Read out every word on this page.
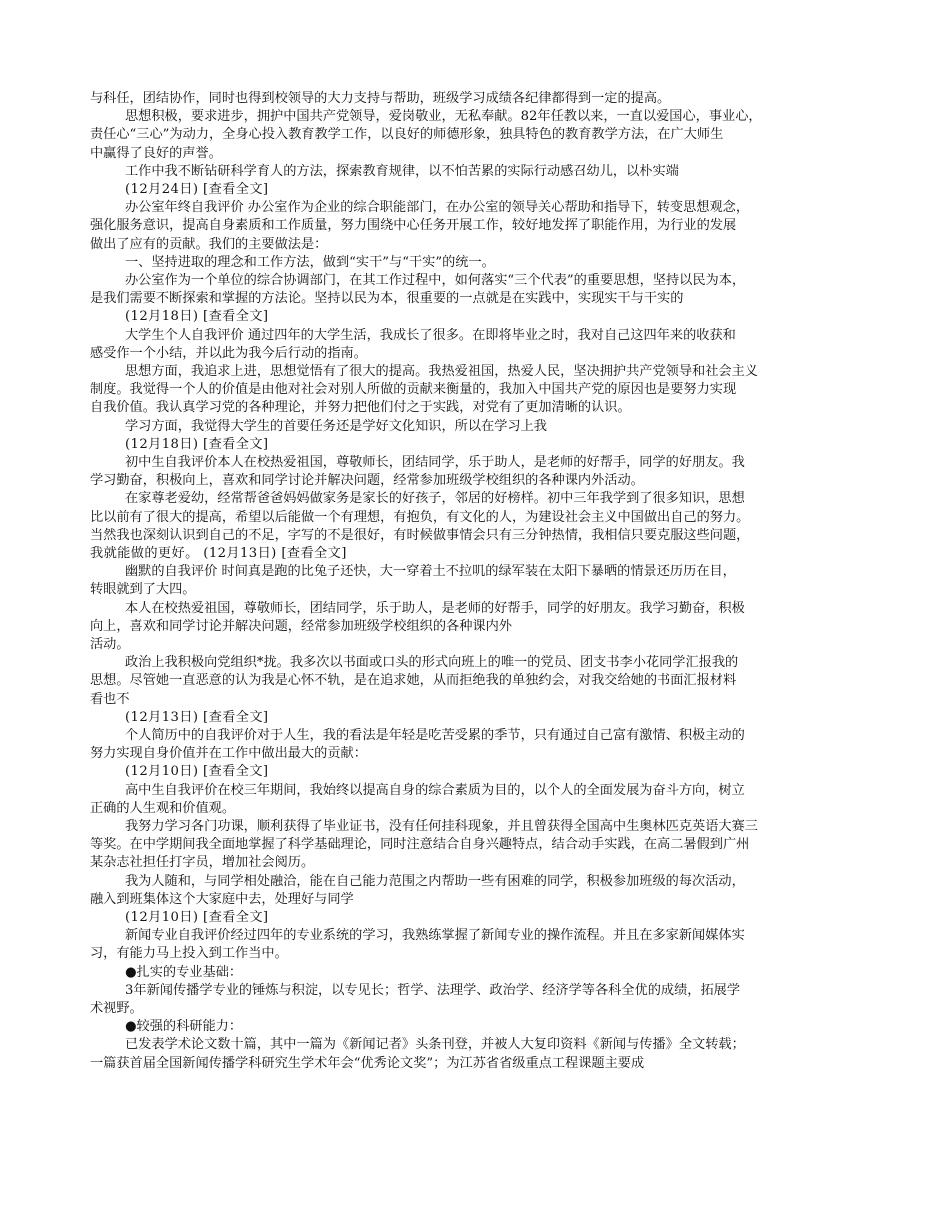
与科任，团结协作，同时也得到校领导的大力支持与帮助，班级学习成绩各纪律都得到一定的提高。
思想积极，要求进步，拥护中国共产党领导，爱岗敬业，无私奉献。82年任教以来，一直以爱国心，事业心，
责任心“三心”为动力，全身心投入教育教学工作，以良好的师德形象，独具特色的教育教学方法，在广大师生
中赢得了良好的声誉。
工作中我不断钻研科学育人的方法，探索教育规律，以不怕苦累的实际行动感召幼儿，以朴实端
(12月24日) [查看全文]
办公室年终自我评价 办公室作为企业的综合职能部门，在办公室的领导关心帮助和指导下，转变思想观念，
强化服务意识，提高自身素质和工作质量，努力围绕中心任务开展工作，较好地发挥了职能作用，为行业的发展
做出了应有的贡献。我们的主要做法是：
一、坚持进取的理念和工作方法，做到“实干”与“干实”的统一。
办公室作为一个单位的综合协调部门，在其工作过程中，如何落实“三个代表”的重要思想，坚持以民为本，
是我们需要不断探索和掌握的方法论。坚持以民为本，很重要的一点就是在实践中，实现实干与干实的
(12月18日) [查看全文]
大学生个人自我评价 通过四年的大学生活，我成长了很多。在即将毕业之时，我对自己这四年来的收获和
感受作一个小结，并以此为我今后行动的指南。
思想方面，我追求上进，思想觉悟有了很大的提高。我热爱祖国，热爱人民，坚决拥护共产党领导和社会主义
制度。我觉得一个人的价值是由他对社会对别人所做的贡献来衡量的，我加入中国共产党的原因也是要努力实现
自我价值。我认真学习党的各种理论，并努力把他们付之于实践，对党有了更加清晰的认识。
学习方面，我觉得大学生的首要任务还是学好文化知识，所以在学习上我
(12月18日) [查看全文]
初中生自我评价本人在校热爱祖国，尊敬师长，团结同学，乐于助人，是老师的好帮手，同学的好朋友。我
学习勤奋，积极向上，喜欢和同学讨论并解决问题，经常参加班级学校组织的各种课内外活动。
在家尊老爱幼，经常帮爸爸妈妈做家务是家长的好孩子，邻居的好榜样。初中三年我学到了很多知识，思想
比以前有了很大的提高，希望以后能做一个有理想，有抱负，有文化的人，为建设社会主义中国做出自己的努力。
当然我也深刻认识到自己的不足，字写的不是很好，有时候做事情会只有三分钟热情，我相信只要克服这些问题，
我就能做的更好。 (12月13日) [查看全文]
幽默的自我评价 时间真是跑的比兔子还快，大一穿着土不拉叽的绿军装在太阳下暴晒的情景还历历在目，
转眼就到了大四。
本人在校热爱祖国，尊敬师长，团结同学，乐于助人，是老师的好帮手，同学的好朋友。我学习勤奋，积极
向上，喜欢和同学讨论并解决问题，经常参加班级学校组织的各种课内外
活动。
政治上我积极向党组织*拢。我多次以书面或口头的形式向班上的唯一的党员、团支书李小花同学汇报我的
思想。尽管她一直恶意的认为我是心怀不轨，是在追求她，从而拒绝我的单独约会，对我交给她的书面汇报材料
看也不
(12月13日) [查看全文]
个人简历中的自我评价对于人生，我的看法是年轻是吃苦受累的季节，只有通过自己富有激情、积极主动的
努力实现自身价值并在工作中做出最大的贡献：
(12月10日) [查看全文]
高中生自我评价在校三年期间，我始终以提高自身的综合素质为目的，以个人的全面发展为奋斗方向，树立
正确的人生观和价值观。
我努力学习各门功课，顺利获得了毕业证书，没有任何挂科现象，并且曾获得全国高中生奥林匹克英语大赛三
等奖。在中学期间我全面地掌握了科学基础理论，同时注意结合自身兴趣特点，结合动手实践，在高二暑假到广州
某杂志社担任打字员，增加社会阅历。
我为人随和，与同学相处融洽，能在自己能力范围之内帮助一些有困难的同学，积极参加班级的每次活动，
融入到班集体这个大家庭中去，处理好与同学
(12月10日) [查看全文]
新闻专业自我评价经过四年的专业系统的学习，我熟练掌握了新闻专业的操作流程。并且在多家新闻媒体实
习，有能力马上投入到工作当中。
●扎实的专业基础：
3年新闻传播学专业的锤炼与积淀，以专见长；哲学、法理学、政治学、经济学等各科全优的成绩，拓展学
术视野。
●较强的科研能力：
已发表学术论文数十篇，其中一篇为《新闻记者》头条刊登，并被人大复印资料《新闻与传播》全文转载；
一篇获首届全国新闻传播学科研究生学术年会“优秀论文奖”；为江苏省省级重点工程课题主要成
